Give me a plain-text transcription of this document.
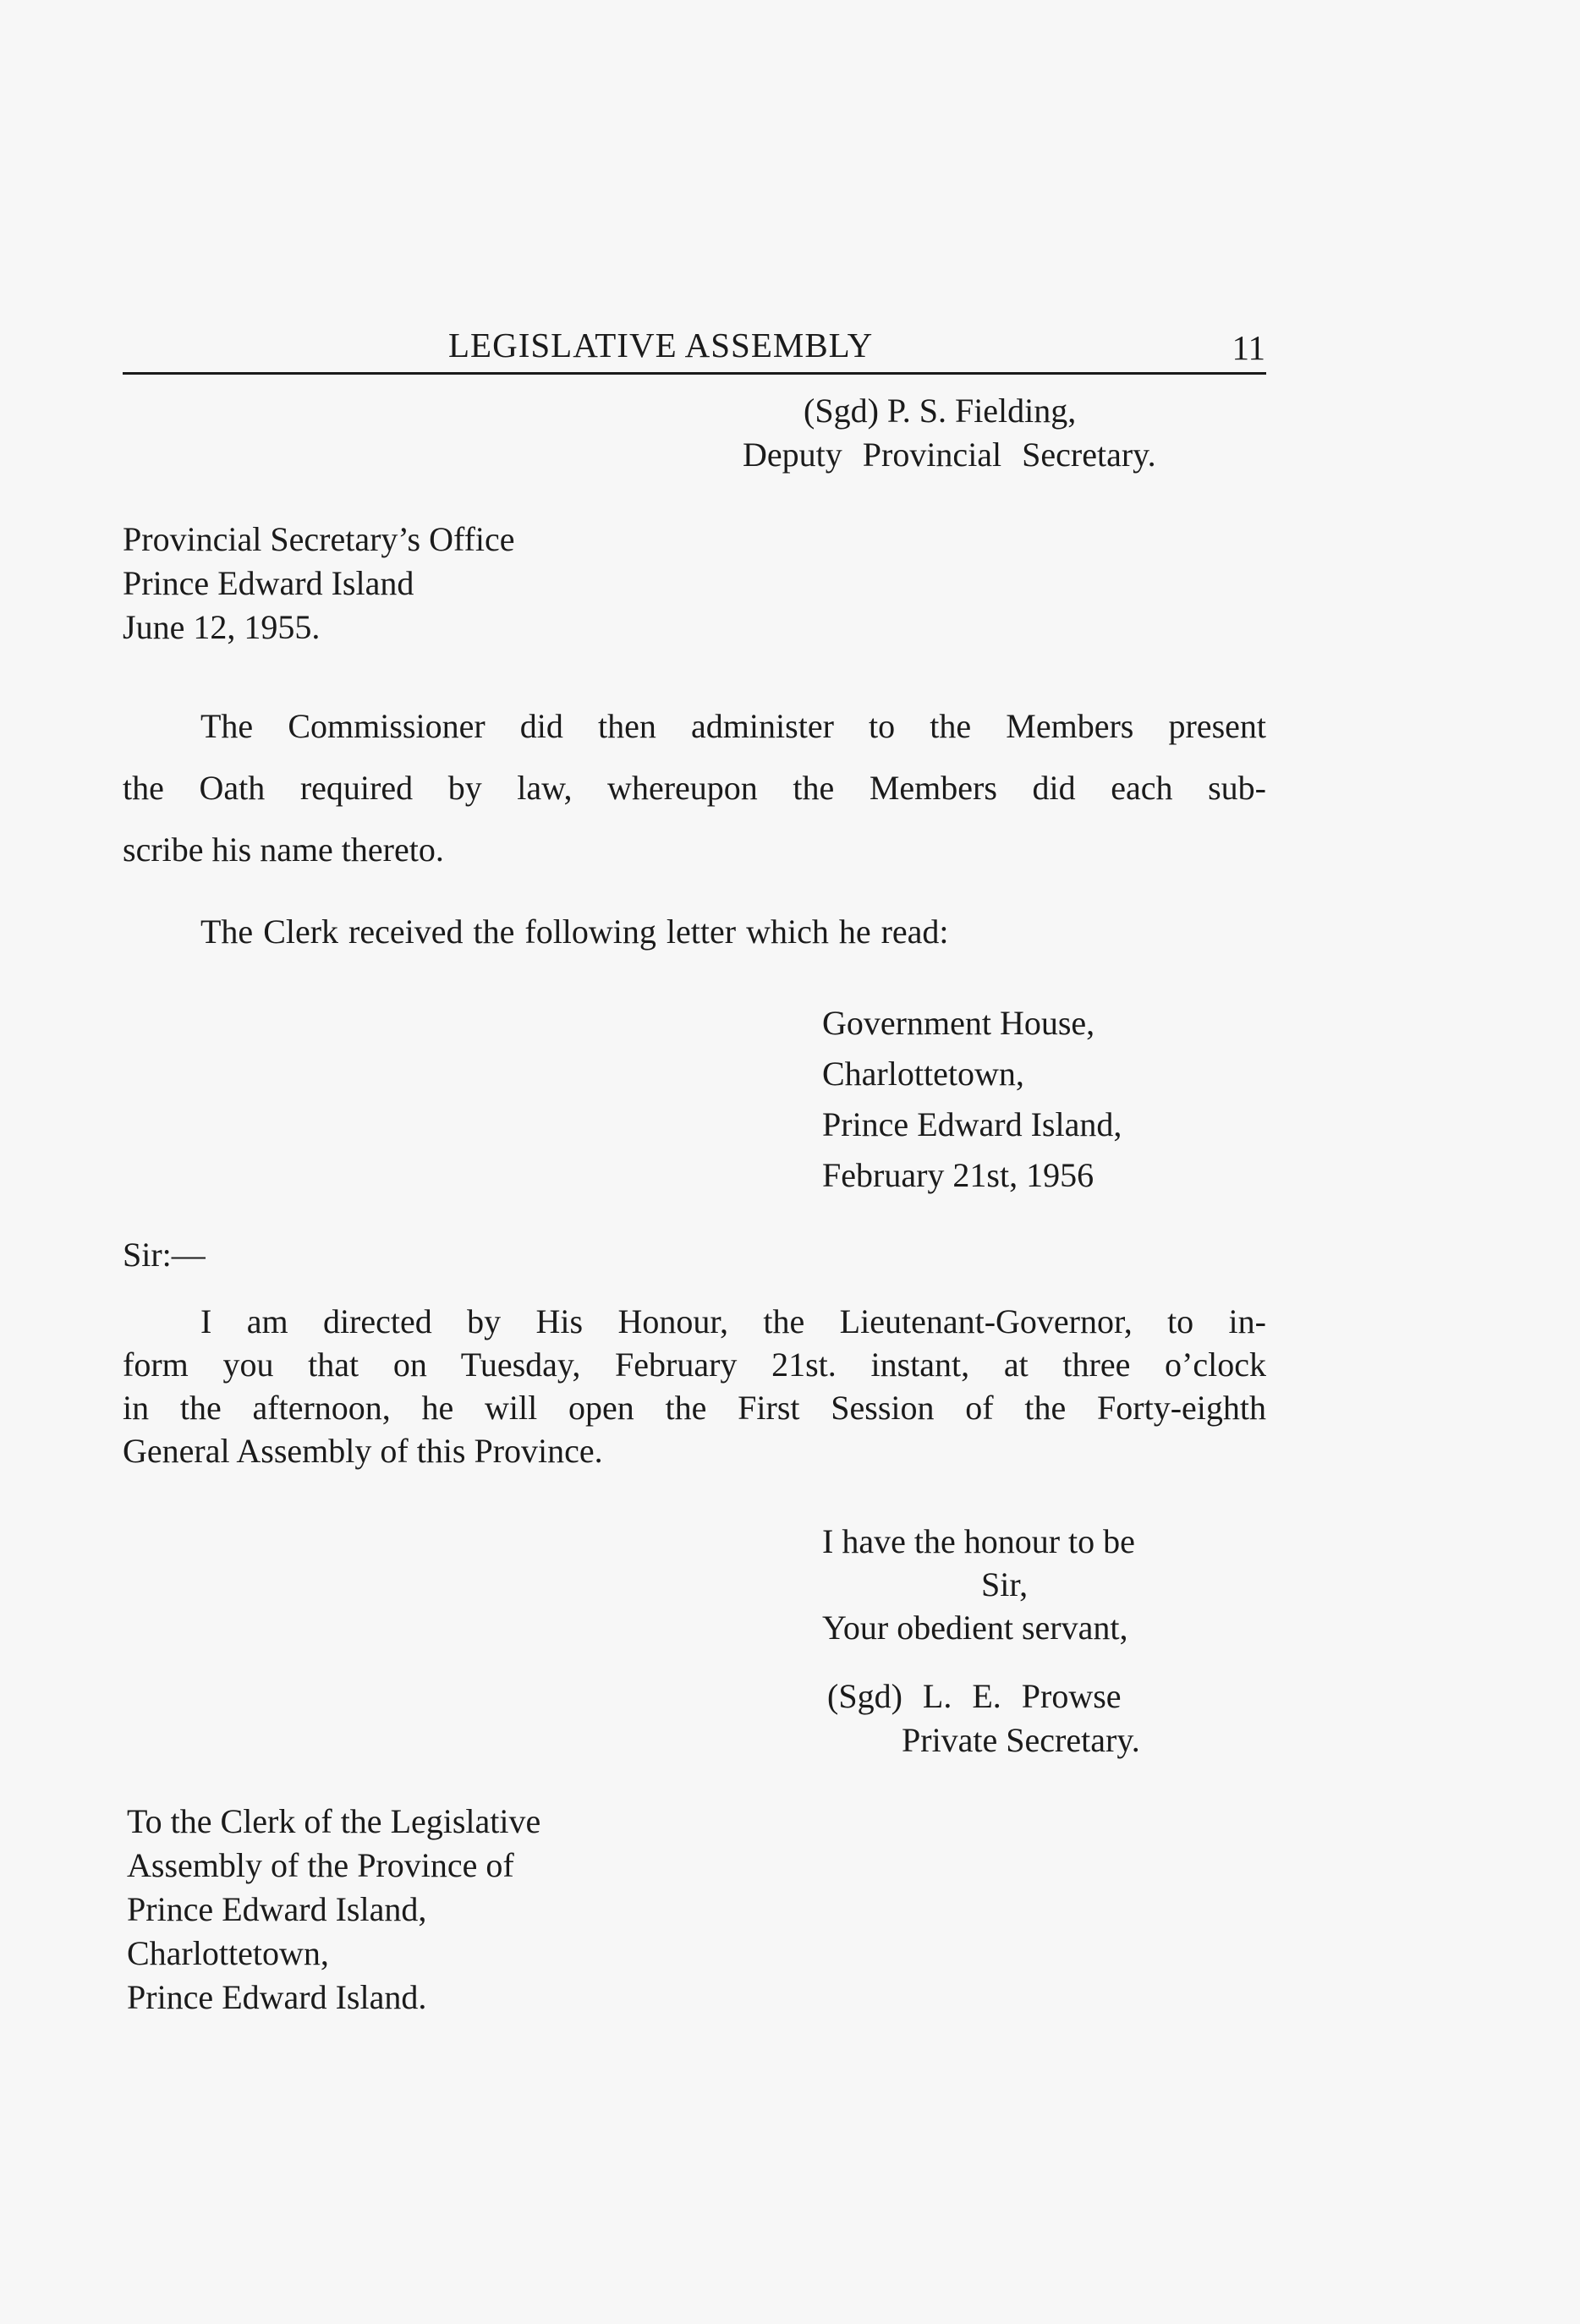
LEGISLATIVE ASSEMBLY	11
(Sgd) P. S. Fielding,
Deputy Provincial Secretary.
Provincial Secretary’s Office
Prince Edward Island
June 12, 1955.
The Commissioner did then administer to the Members present
the Oath required by law, whereupon the Members did each sub-
scribe his name thereto.
The Clerk received the following letter which he read:
Government House,
Charlottetown,
Prince Edward Island,
February 21st, 1956
Sir:—
I am directed by His Honour, the Lieutenant-Governor, to in-
form you that on Tuesday, February 21st. instant, at three o’clock
in the afternoon, he will open the First Session of the Forty-eighth
General Assembly of this Province.
I have the honour to be
Sir,
Your obedient servant,
(Sgd) L. E. Prowse
Private Secretary.
To the Clerk of the Legislative
Assembly of the Province of
Prince Edward Island,
Charlottetown,
Prince Edward Island.
